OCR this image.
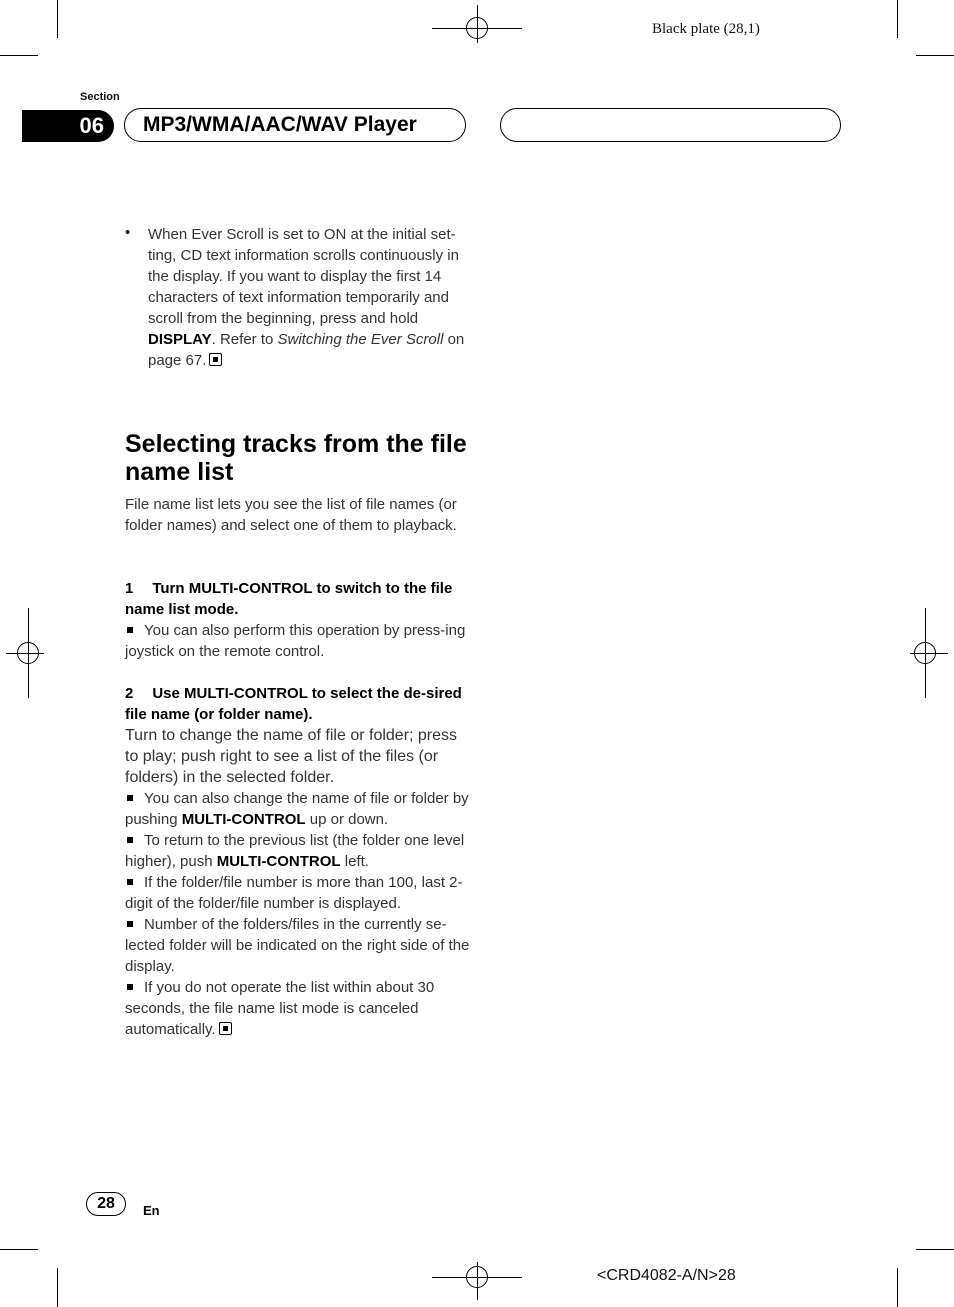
Black plate (28,1)
Section
06	MP3/WMA/AAC/WAV Player
• When Ever Scroll is set to ON at the initial set-ting, CD text information scrolls continuously in the display. If you want to display the first 14 characters of text information temporarily and scroll from the beginning, press and hold DISPLAY. Refer to Switching the Ever Scroll on page 67.
Selecting tracks from the file name list
File name list lets you see the list of file names (or folder names) and select one of them to playback.
1 Turn MULTI-CONTROL to switch to the file name list mode.
You can also perform this operation by press-ing joystick on the remote control.
2 Use MULTI-CONTROL to select the de-sired file name (or folder name).
Turn to change the name of file or folder; press to play; push right to see a list of the files (or folders) in the selected folder.
You can also change the name of file or folder by pushing MULTI-CONTROL up or down.
To return to the previous list (the folder one level higher), push MULTI-CONTROL left.
If the folder/file number is more than 100, last 2-digit of the folder/file number is displayed.
Number of the folders/files in the currently se-lected folder will be indicated on the right side of the display.
If you do not operate the list within about 30 seconds, the file name list mode is canceled automatically.
28	En
<CRD4082-A/N>28
